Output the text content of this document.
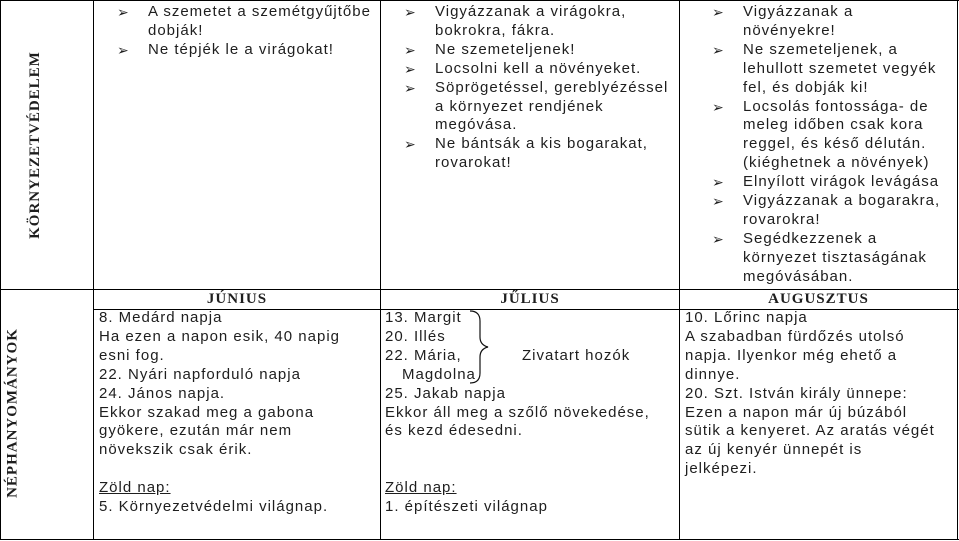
KÖRNYEZETVÉDELEM
NÉPHANYOMÁNYOK
➢ A szemetet a szemétgyűjtőbe dobják!
➢ Ne tépjék le a virágokat!
➢ Vigyázzanak a virágokra, bokrokra, fákra.
➢ Ne szemeteljenek!
➢ Locsolni kell a növényeket.
➢ Söprögetéssel, gereblyézéssel a környezet rendjének megóvása.
➢ Ne bántsák a kis bogarakat, rovarokat!
➢ Vigyázzanak a növényekre!
➢ Ne szemeteljenek, a lehullott szemetet vegyék fel, és dobják ki!
➢ Locsolás fontossága- de meleg időben csak kora reggel, és késő délután. (kiéghetnek a növények)
➢ Elnyílott virágok levágása
➢ Vigyázzanak a bogarakra, rovarokra!
➢ Segédkezzenek a környezet tisztaságának megóvásában.
JÚNIUS	JŰLIUS	AUGUSZTUS
8. Medárd napja
Ha ezen a napon esik, 40 napig
esni fog.
22. Nyári napforduló napja
24. János napja.
Ekkor szakad meg a gabona
gyökere, ezután már nem
növekszik csak érik.
Zöld nap:
5. Környezetvédelmi világnap.
13. Margit
20. Illés
22. Mária,
Magdolna
25. Jakab napja
Ekkor áll meg a szőlő növekedése,
és kezd édesedni.
Zöld nap:
1. építészeti világnap
Zivatart hozók
10. Lőrinc napja
A szabadban fürdőzés utolsó
napja. Ilyenkor még ehető a
dinnye.
20. Szt. István király ünnepe:
Ezen a napon már új búzából
sütik a kenyeret. Az aratás végét
az új kenyér ünnepét is
jelképezi.
